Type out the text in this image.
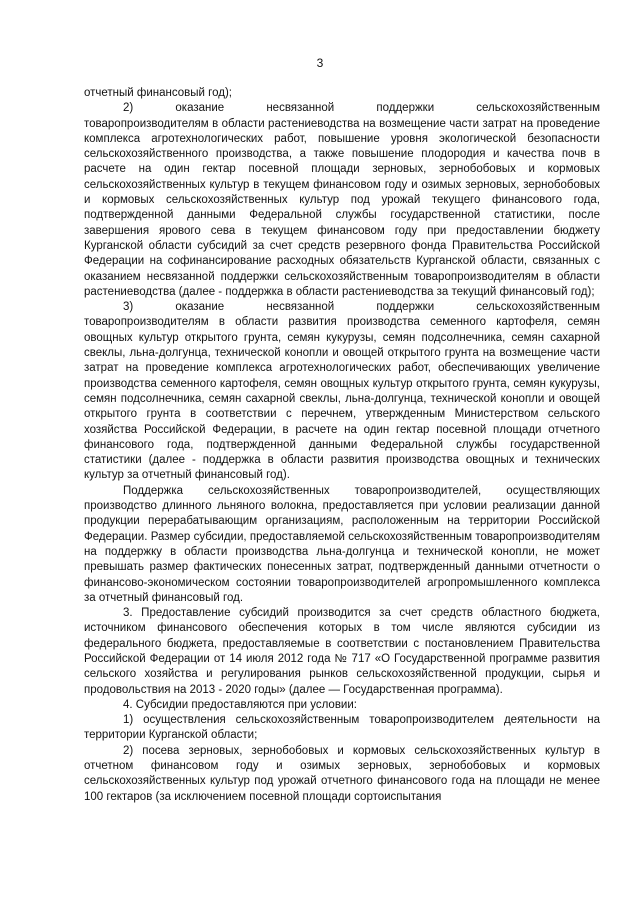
3

отчетный финансовый год);

2) оказание несвязанной поддержки сельскохозяйственным

товаропроизводителям в области растениеводства на возмещение части затрат на проведение комплекса агротехнологических работ, повышение уровня экологической безопасности сельскохозяйственного производства, а также повышение плодородия и качества почв в расчете на один гектар посевной площади зерновых, зернобобовых и кормовых сельскохозяйственных культур в текущем финансовом году и озимых зерновых, зернобобовых и кормовых сельскохозяйственных культур под урожай текущего финансового года, подтвержденной данными Федеральной службы государственной статистики, после завершения ярового сева в текущем финансовом году при предоставлении бюджету Курганской области субсидий за счет средств резервного фонда Правительства Российской Федерации на софинансирование расходных обязательств Курганской области, связанных с оказанием несвязанной поддержки сельскохозяйственным товаропроизводителям в области растениеводства (далее - поддержка в области растениеводства за текущий финансовый год);

3) оказание несвязанной поддержки сельскохозяйственным

товаропроизводителям в области развития производства семенного картофеля, семян овощных культур открытого грунта, семян кукурузы, семян подсолнечника, семян сахарной свеклы, льна-долгунца, технической конопли и овощей открытого грунта на возмещение части затрат на проведение комплекса агротехнологических работ, обеспечивающих увеличение производства семенного картофеля, семян овощных культур открытого грунта, семян кукурузы, семян подсолнечника, семян сахарной свеклы, льна-долгунца, технической конопли и овощей открытого грунта в соответствии с перечнем, утвержденным Министерством сельского хозяйства Российской Федерации, в расчете на один гектар посевной площади отчетного финансового года, подтвержденной данными Федеральной службы государственной статистики (далее - поддержка в области развития производства овощных и технических культур за отчетный финансовый год).

Поддержка сельскохозяйственных товаропроизводителей, осуществляющих производство длинного льняного волокна, предоставляется при условии реализации данной продукции перерабатывающим организациям, расположенным на территории Российской Федерации. Размер субсидии, предоставляемой сельскохозяйственным товаропроизводителям на поддержку в области производства льна-долгунца и технической конопли, не может превышать размер фактических понесенных затрат, подтвержденный данными отчетности о финансово-экономическом состоянии товаропроизводителей агропромышленного комплекса за отчетный финансовый год.

3. Предоставление субсидий производится за счет средств областного бюджета, источником финансового обеспечения которых в том числе являются субсидии из федерального бюджета, предоставляемые в соответствии с постановлением Правительства Российской Федерации от 14 июля 2012 года № 717 «О Государственной программе развития сельского хозяйства и регулирования рынков сельскохозяйственной продукции, сырья и продовольствия на 2013 - 2020 годы» (далее — Государственная программа).

4. Субсидии предоставляются при условии:

1) осуществления сельскохозяйственным товаропроизводителем деятельности на территории Курганской области;

2) посева зерновых, зернобобовых и кормовых сельскохозяйственных культур в отчетном финансовом году и озимых зерновых, зернобобовых и кормовых сельскохозяйственных культур под урожай отчетного финансового года на площади не менее 100 гектаров (за исключением посевной площади сортоиспытания
